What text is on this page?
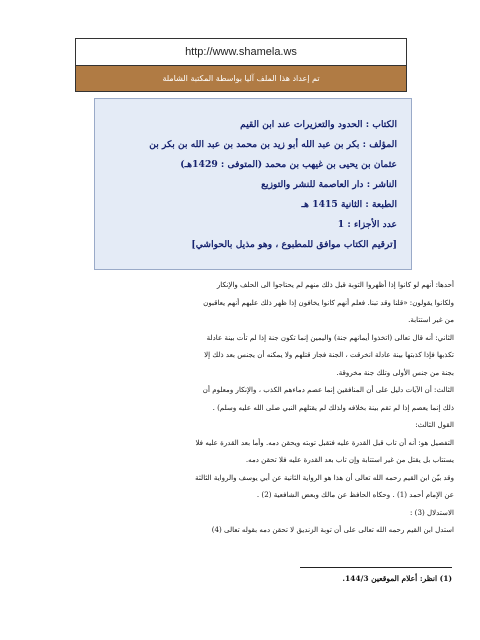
http://www.shamela.ws
تم إعداد هذا الملف آليا بواسطة المكتبة الشاملة
الكتاب : الحدود والتعزيرات عند ابن القيم
المؤلف : بكر بن عبد الله أبو زيد بن محمد بن عبد الله بن بكر بن
عثمان بن يحيى بن غيهب بن محمد (المتوفى : 1429هـ)
الناشر : دار العاصمة للنشر والتوزيع
الطبعة : الثانية 1415 هـ
عدد الأجزاء : 1
[ترقيم الكتاب موافق للمطبوع ، وهو مذيل بالحواشي]
أحدها: أنهم لو كانوا إذا أظهروا التوبة قبل ذلك منهم لم يحتاجوا الى الحلف والإنكار
ولكانوا يقولون: «قلنا وقد تبنا. فعلم أنهم كانوا يخافون إذا ظهر ذلك عليهم أنهم يعاقبون
من غير استتابة.
الثاني: أنه قال تعالى (اتخذوا أيمانهم جنة) واليمين إنما تكون جنة إذا لم تأت بينة عادلة
تكذبها فإذا كذبتها بينة عادلة انخرقت ، الجنة فجاز قتلهم ولا يمكنه أن يجنس بعد ذلك إلا
بجنة من جنس الأولى وتلك جنة مخروقة.
الثالث: أن الآيات دليل على أن المنافقين إنما عصم دماءهم الكذب ، والإنكار ومعلوم أن
ذلك إنما يعصم إذا لم تقم بينة بخلافه ولذلك لم يقتلهم النبي صلى الله عليه وسلم) .
القول الثالث:
التفصيل هو: أنه أن تاب قبل القدرة عليه فتقبل توبته ويحقن دمه. وأما بعد القدرة عليه فلا
يستتاب بل يقتل من غير استتابة وإن تاب بعد القدرة عليه فلا تحقن دمه.
وقد بيّن ابن القيم رحمه الله تعالى أن هذا هو الرواية الثانية عن أبي يوسف والرواية الثالثة
عن الإمام أحمد (1) . وحكاه الحافظ عن مالك وبعض الشافعية (2) .
الاستدلال (3) :
استدل ابن القيم رحمه الله تعالى على أن توبة الزنديق لا تحقن دمه بقوله تعالى (4)
(1) انظر: أعلام الموقعين 144/3.
